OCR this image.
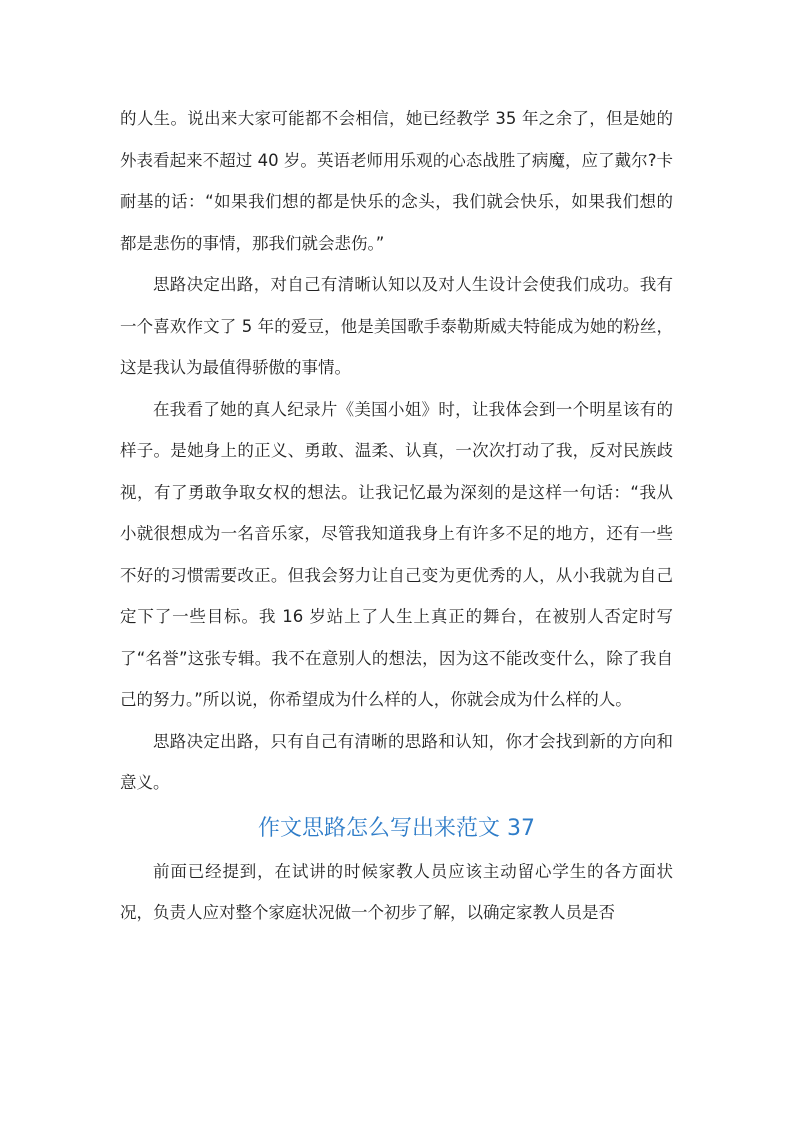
的人生。说出来大家可能都不会相信，她已经教学 35 年之余了，但是她的外表看起来不超过 40 岁。英语老师用乐观的心态战胜了病魔，应了戴尔?卡耐基的话：“如果我们想的都是快乐的念头，我们就会快乐，如果我们想的都是悲伤的事情，那我们就会悲伤。”

思路决定出路，对自己有清晰认知以及对人生设计会使我们成功。我有一个喜欢作文了 5 年的爱豆，他是美国歌手泰勒斯威夫特能成为她的粉丝，这是我认为最值得骄傲的事情。

在我看了她的真人纪录片《美国小姐》时，让我体会到一个明星该有的样子。是她身上的正义、勇敢、温柔、认真，一次次打动了我，反对民族歧视，有了勇敢争取女权的想法。让我记忆最为深刻的是这样一句话：“我从小就很想成为一名音乐家，尽管我知道我身上有许多不足的地方，还有一些不好的习惯需要改正。但我会努力让自己变为更优秀的人，从小我就为自己定下了一些目标。我 16 岁站上了人生上真正的舞台，在被别人否定时写了“名誉”这张专辑。我不在意别人的想法，因为这不能改变什么，除了我自己的努力。”所以说，你希望成为什么样的人，你就会成为什么样的人。

思路决定出路，只有自己有清晰的思路和认知，你才会找到新的方向和意义。

作文思路怎么写出来范文 37

前面已经提到，在试讲的时候家教人员应该主动留心学生的各方面状况，负责人应对整个家庭状况做一个初步了解，以确定家教人员是否
